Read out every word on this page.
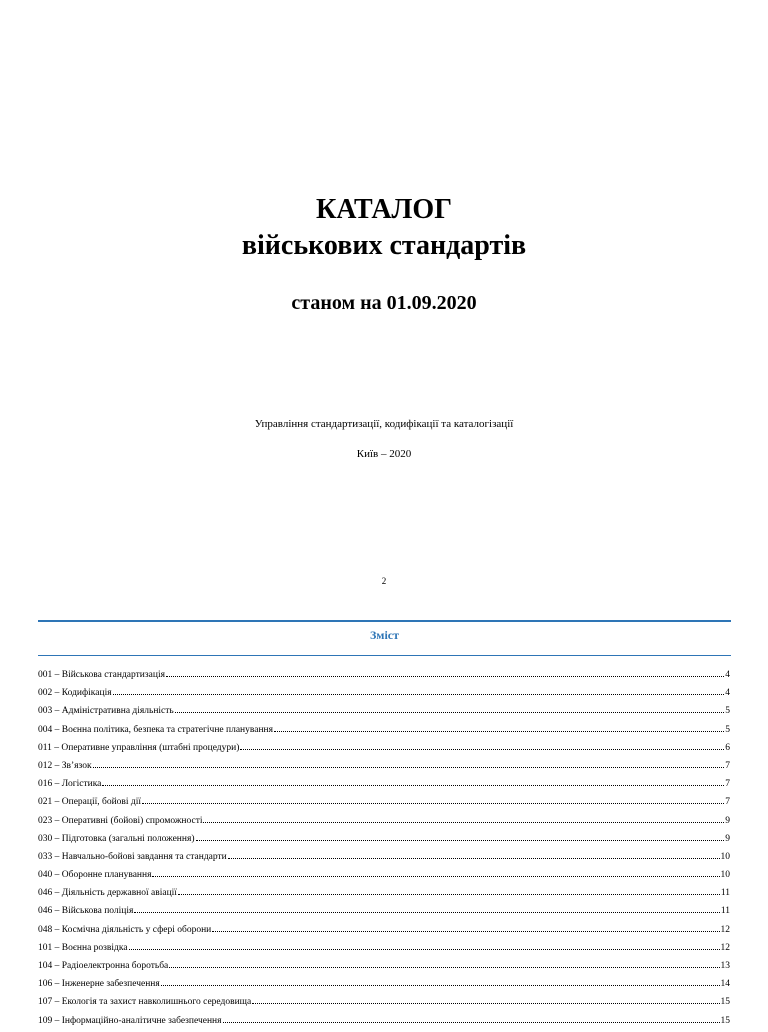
КАТАЛОГ
військових стандартів
станом на 01.09.2020
Управління стандартизації, кодифікації та каталогізації
Київ – 2020
2
Зміст
001 – Військова стандартизація	4
002 – Кодифікація	4
003 – Адміністративна діяльність	5
004 – Воєнна політика, безпека та стратегічне планування	5
011 – Оперативне управління (штабні процедури)	6
012 – Зв’язок	7
016 – Логістика	7
021 – Операції, бойові дії	7
023 – Оперативні (бойові) спроможності	9
030 – Підготовка (загальні положення)	9
033 – Навчально-бойові завдання та стандарти	10
040 – Оборонне планування	10
046 – Діяльність державної авіації	11
046 – Військова поліція	11
048 – Космічна діяльність у сфері оборони	12
101 – Воєнна розвідка	12
104 – Радіоелектронна боротьба	13
106 – Інженерне забезпечення	14
107 – Екологія та захист навколишнього середовища	15
109 – Інформаційно-аналітичне забезпечення	15
